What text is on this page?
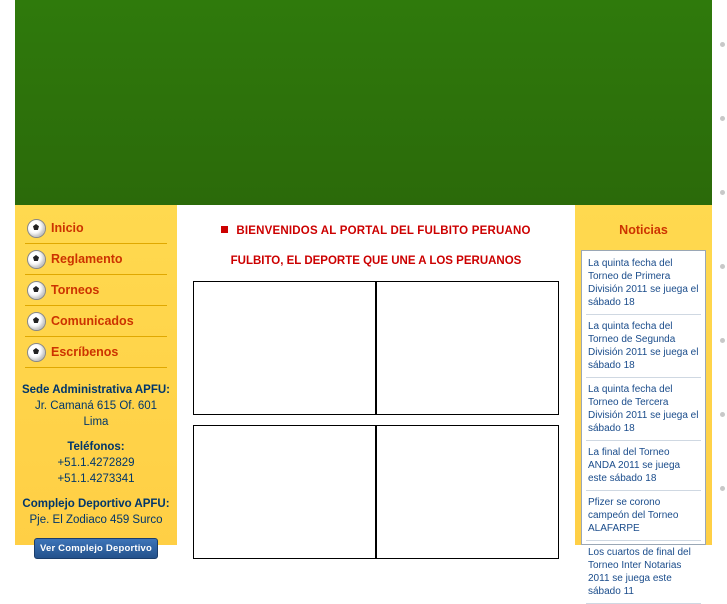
Inicio
Reglamento
Torneos
Comunicados
Escríbenos
Sede Administrativa APFU:
Jr. Camaná 615 Of. 601 Lima
Teléfonos:
+51.1.4272829
+51.1.4273341
Complejo Deportivo APFU:
Pje. El Zodiaco 459 Surco
Ver Complejo Deportivo
BIENVENIDOS AL PORTAL DEL FULBITO PERUANO
FULBITO, EL DEPORTE QUE UNE A LOS PERUANOS
Noticias
La quinta fecha del Torneo de Primera División 2011 se juega el sábado 18
La quinta fecha del Torneo de Segunda División 2011 se juega el sábado 18
La quinta fecha del Torneo de Tercera División 2011 se juega el sábado 18
La final del Torneo ANDA 2011 se juega este sábado 18
Pfizer se corono campeón del Torneo ALAFARPE
Los cuartos de final del Torneo Inter Notarias 2011 se juega este sábado 11
